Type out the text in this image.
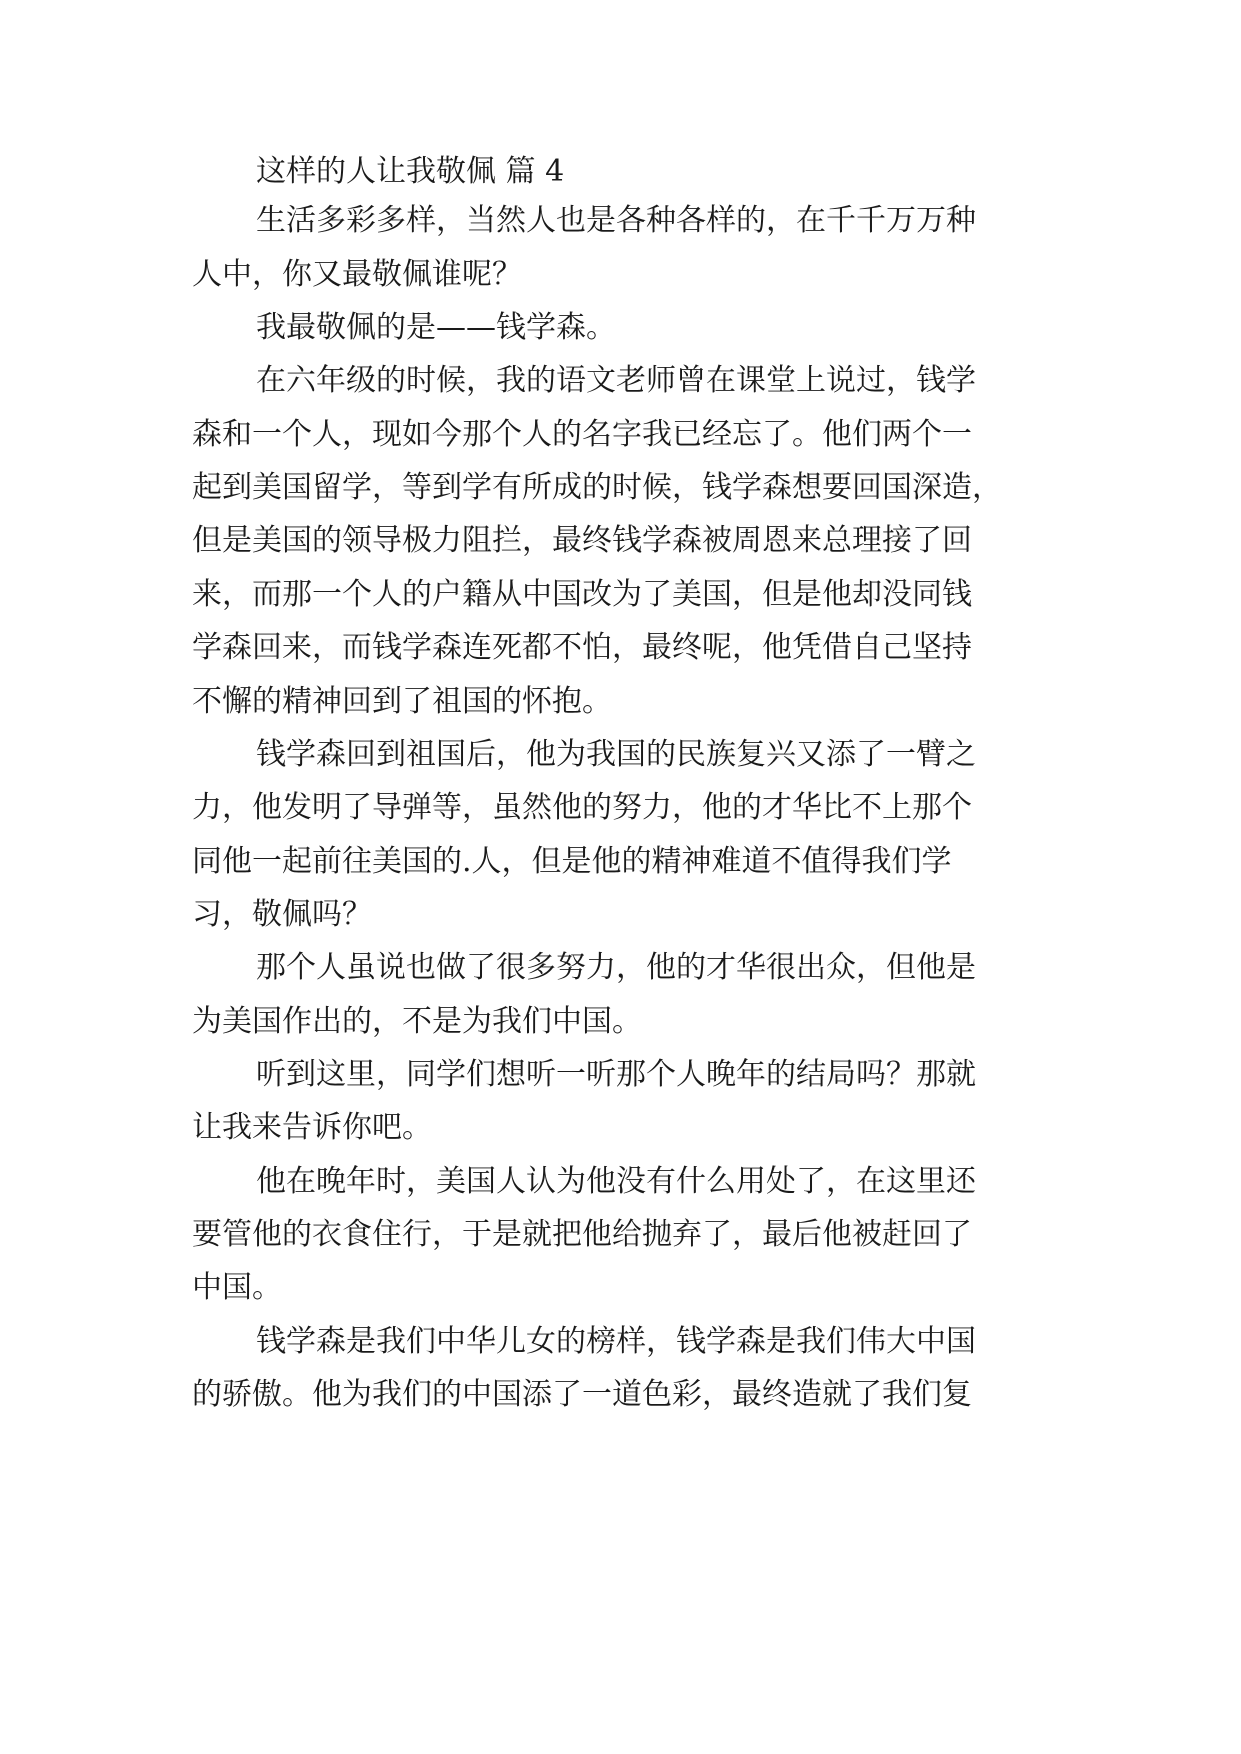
这样的人让我敬佩 篇 4
生活多彩多样，当然人也是各种各样的，在千千万万种
人中，你又最敬佩谁呢？
我最敬佩的是——钱学森。
在六年级的时候，我的语文老师曾在课堂上说过，钱学
森和一个人，现如今那个人的名字我已经忘了。他们两个一
起到美国留学，等到学有所成的时候，钱学森想要回国深造，
但是美国的领导极力阻拦，最终钱学森被周恩来总理接了回
来，而那一个人的户籍从中国改为了美国，但是他却没同钱
学森回来，而钱学森连死都不怕，最终呢，他凭借自己坚持
不懈的精神回到了祖国的怀抱。
钱学森回到祖国后，他为我国的民族复兴又添了一臂之
力，他发明了导弹等，虽然他的努力，他的才华比不上那个
同他一起前往美国的.人，但是他的精神难道不值得我们学
习，敬佩吗？
那个人虽说也做了很多努力，他的才华很出众，但他是
为美国作出的，不是为我们中国。
听到这里，同学们想听一听那个人晚年的结局吗？那就
让我来告诉你吧。
他在晚年时，美国人认为他没有什么用处了，在这里还
要管他的衣食住行，于是就把他给抛弃了，最后他被赶回了
中国。
钱学森是我们中华儿女的榜样，钱学森是我们伟大中国
的骄傲。他为我们的中国添了一道色彩，最终造就了我们复
